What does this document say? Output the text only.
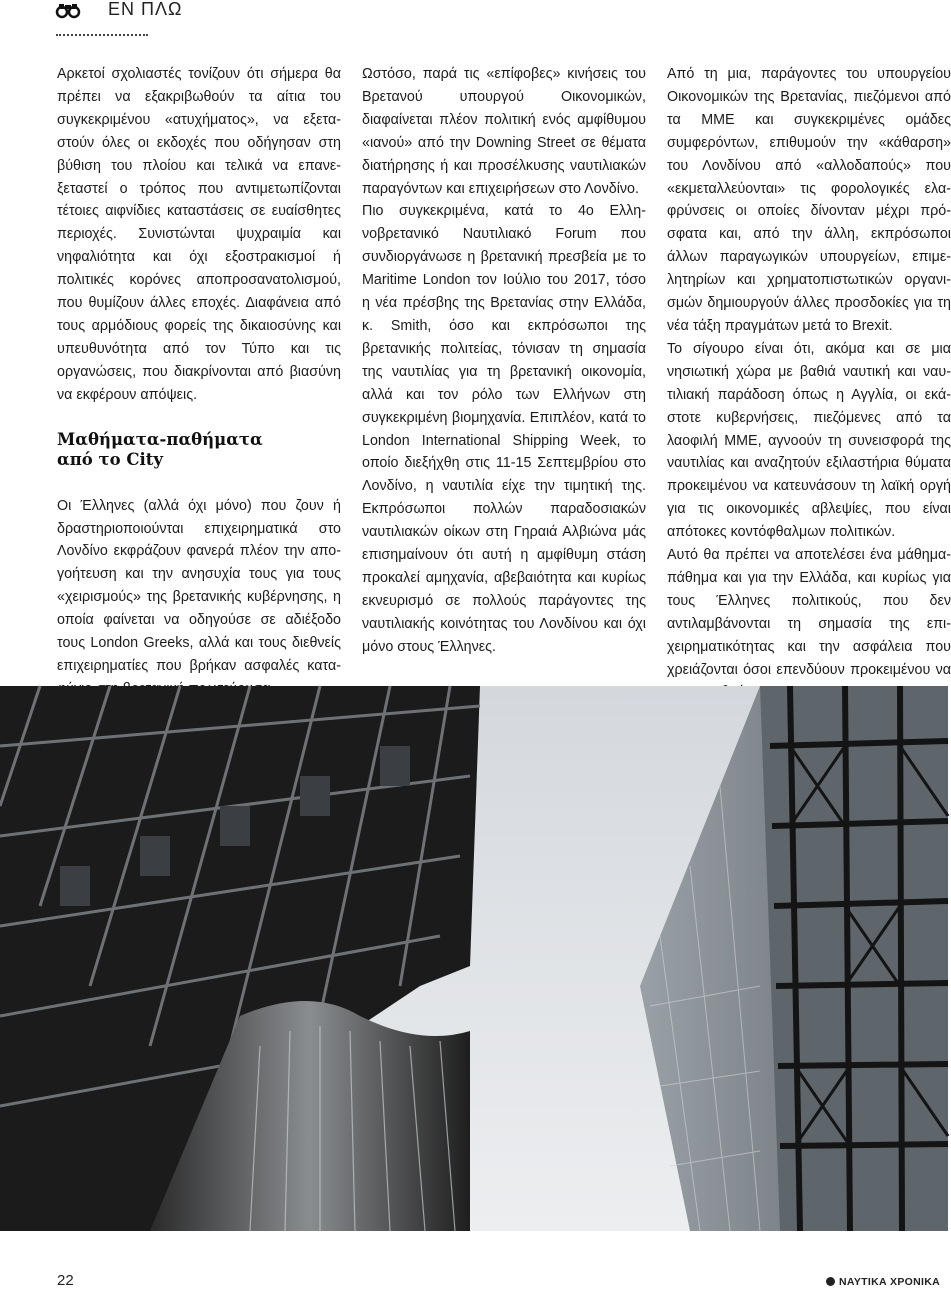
ΕΝ ΠΛΩ

Αρκετοί σχολιαστές τονίζουν ότι σήμερα θα πρέπει να εξακριβωθούν τα αίτια του συγκεκριμένου «ατυχήματος», να εξεταστούν όλες οι εκδοχές που οδήγησαν στη βύθιση του πλοίου και τελικά να επανεξεταστεί ο τρόπος που αντιμετωπίζονται τέτοιες αιφνίδιες καταστάσεις σε ευαίσθητες περιοχές. Συνιστώνται ψυχραιμία και νηφαλιότητα και όχι εξοστρακισμοί ή πολιτικές κορόνες αποπροσανατολισμού, που θυμίζουν άλλες εποχές. Διαφάνεια από τους αρμόδιους φορείς της δικαιοσύνης και υπευθυνότητα από τον Τύπο και τις οργανώσεις, που διακρίνονται από βιασύνη να εκφέρουν απόψεις.

Μαθήματα-παθήματα
από το City

Οι Έλληνες (αλλά όχι μόνο) που ζουν ή δραστηριοποιούνται επιχειρηματικά στο Λονδίνο εκφράζουν φανερά πλέον την απογοήτευση και την ανησυχία τους για τους «χειρισμούς» της βρετανικής κυβέρνησης, η οποία φαίνεται να οδηγούσε σε αδιέξοδο τους London Greeks, αλλά και τους διεθνείς επιχειρηματίες που βρήκαν ασφαλές κατα

Ωστόσο, παρά τις «επίφοβες» κινήσεις του Βρετανού υπουργού Οικονομικών, διαφαίνεται πλέον πολιτική ενός αμφίθυμου «ιανού» από την Downing Street σε θέματα διατήρησης ή και προσέλκυσης ναυτιλιακών παραγόντων και επιχειρήσεων στο Λονδίνο.

Πιο συγκεκριμένα, κατά το 4ο Ελληνοβρετανικό Ναυτιλιακό Forum που συνδιοργάνωσε η βρετανική πρεσβεία με το Maritime London τον Ιούλιο του 2017, τόσο η νέα πρέσβης της Βρετανίας στην Ελλάδα, κ. Smith, όσο και εκπρόσωποι της βρετανικής πολιτείας, τόνισαν τη σημασία της ναυτιλίας για τη βρετανική οικονομία, αλλά και τον ρόλο των Ελλήνων στη συγκεκριμένη βιομηχανία. Επιπλέον, κατά το London International Shipping Week, το οποίο διεξήχθη στις 11-15 Σεπτεμβρίου στο Λονδίνο, η ναυτιλία είχε την τιμητική της. Εκπρόσωποι πολλών παραδοσιακών ναυτιλιακών οίκων στη Γηραιά Αλβιώνα μάς επισημαίνουν ότι αυτή η αμφίθυμη στάση προκαλεί αμηχανία, αβεβαιότητα και κυρίως εκνευρισμό σε πολλούς παράγοντες της ναυτιλιακής κοινότητας του Λονδίνου και όχι μόνο στους Έλληνες.

Από τη μια, παράγοντες του υπουργείου Οικονομικών της Βρετανίας, πιεζόμενοι από τα ΜΜΕ και συγκεκριμένες ομάδες συμφερόντων, επιθυμούν την «κάθαρση» του Λονδίνου από «αλλοδαπούς» που «εκμεταλλεύονται» τις φορολογικές ελαφρύνσεις οι οποίες δίνονταν μέχρι πρόσφατα και, από την άλλη, εκπρόσωποι άλλων παραγωγικών υπουργείων, επιμελητηρίων και χρηματοπιστωτικών οργανισμών δημιουργούν άλλες προσδοκίες για τη νέα τάξη πραγμάτων μετά το Brexit.

Το σίγουρο είναι ότι, ακόμα και σε μια νησιωτική χώρα με βαθιά ναυτική και ναυτιλιακή παράδοση όπως η Αγγλία, οι εκάστοτε κυβερνήσεις, πιεζόμενες από τα λαοφιλή ΜΜΕ, αγνοούν τη συνεισφορά της ναυτιλίας και αναζητούν εξιλαστήρια θύματα προκειμένου να κατευνάσουν τη λαϊκή οργή για τις οικονομικές αβλεψίες, που είναι απότοκες κοντόφθαλμων πολιτικών.

Αυτό θα πρέπει να αποτελέσει ένα μάθημα-πάθημα και για την Ελλάδα, και κυρίως για τους Έλληνες πολιτικούς, που δεν αντιλαμβάνονται τη σημασία της επιχειρηματικότητας και την ασφάλεια που χρειάζονται όσοι επενδύουν προκειμένου να

22	ΝΑΥΤΙΚΑ ΧΡΟΝΙΚΑ
